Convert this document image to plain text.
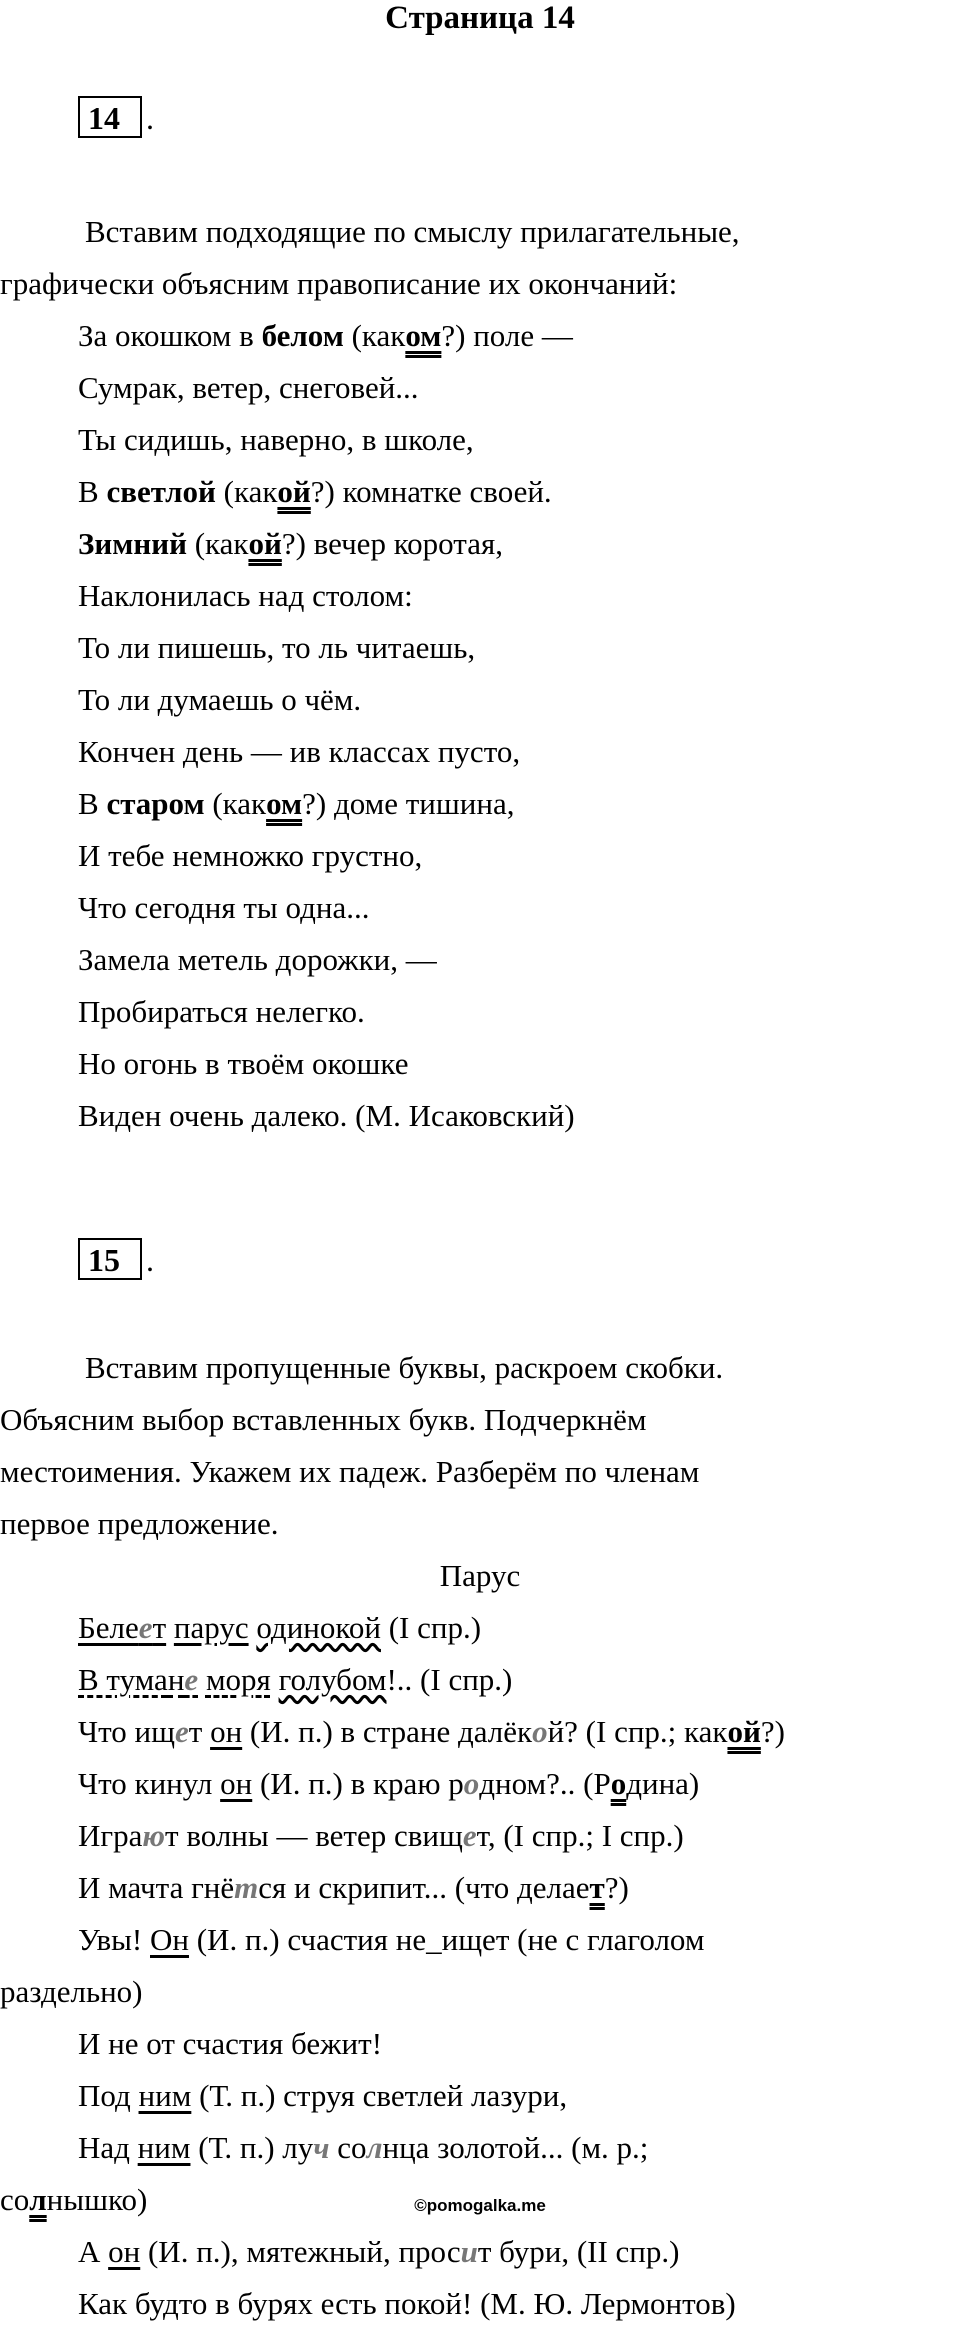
Страница 14
14 .
Вставим подходящие по смыслу прилагательные,
графически объясним правописание их окончаний:
За окошком в белом (каком?) поле —
Сумрак, ветер, снеговей...
Ты сидишь, наверно, в школе,
В светлой (какой?) комнатке своей.
Зимний (какой?) вечер коротая,
Наклонилась над столом:
То ли пишешь, то ль читаешь,
То ли думаешь о чём.
Кончен день — ив классах пусто,
В старом (каком?) доме тишина,
И тебе немножко грустно,
Что сегодня ты одна...
Замела метель дорожки, —
Пробираться нелегко.
Но огонь в твоём окошке
Виден очень далеко. (М. Исаковский)
15 .
Вставим пропущенные буквы, раскроем скобки.
Объясним выбор вставленных букв. Подчеркнём
местоимения. Укажем их падеж. Разберём по членам
первое предложение.
Парус
Белеет парус одинокой (I спр.)
В тумане моря голубом!.. (I спр.)
Что ищет он (И. п.) в стране далёкой? (I спр.; какой?)
Что кинул он (И. п.) в краю родном?.. (Родина)
Играют волны — ветер свищет, (I спр.; I спр.)
И мачта гнётся и скрипит... (что делает?)
Увы! Он (И. п.) счастия не_ищет (не с глаголом
раздельно)
И не от счастия бежит!
Под ним (Т. п.) струя светлей лазури,
Над ним (Т. п.) луч солнца золотой... (м. р.;
солнышко)
А он (И. п.), мятежный, просит бури, (II спр.)
Как будто в бурях есть покой! (М. Ю. Лермонтов)
©pomogalka.me
